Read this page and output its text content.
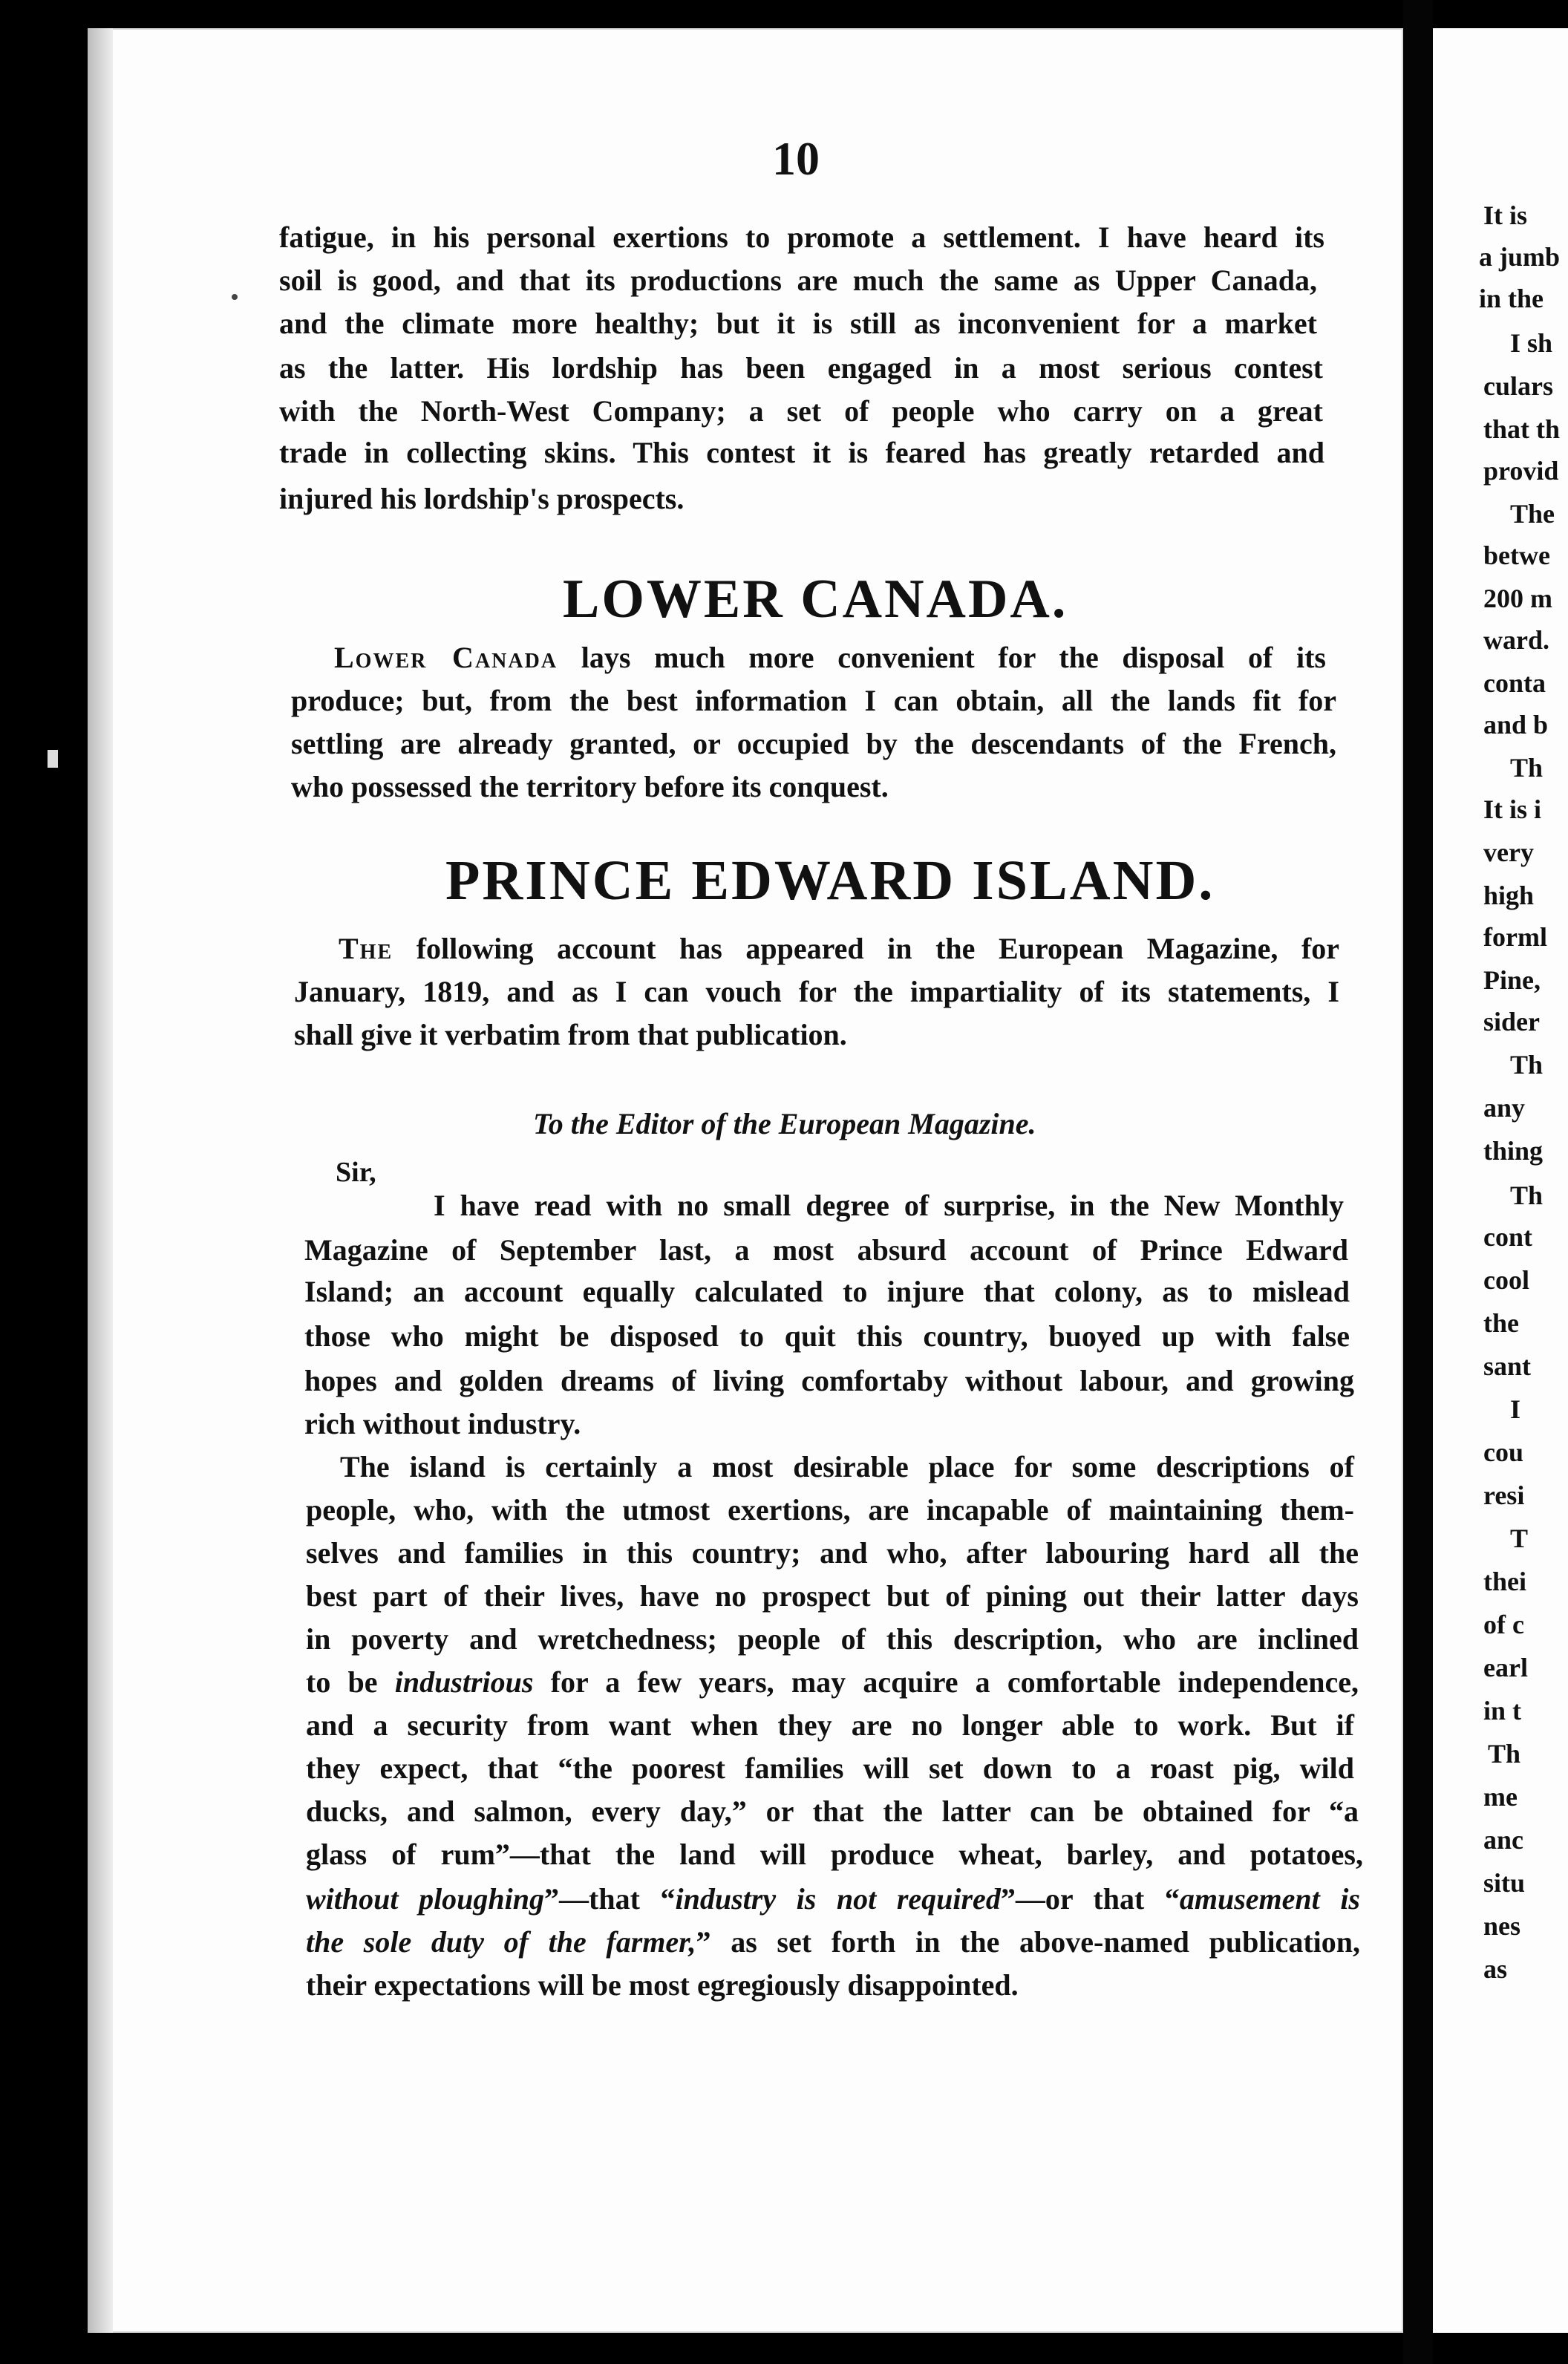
10
fatigue, in his personal exertions to promote a settlement. I have heard its
soil is good, and that its productions are much the same as Upper Canada,
and the climate more healthy; but it is still as inconvenient for a market
as the latter. His lordship has been engaged in a most serious contest
with the North-West Company; a set of people who carry on a great
trade in collecting skins. This contest it is feared has greatly retarded and
injured his lordship's prospects.
LOWER CANADA.
Lower Canada lays much more convenient for the disposal of its
produce; but, from the best information I can obtain, all the lands fit for
settling are already granted, or occupied by the descendants of the French,
who possessed the territory before its conquest.
PRINCE EDWARD ISLAND.
The following account has appeared in the European Magazine, for
January, 1819, and as I can vouch for the impartiality of its statements, I
shall give it verbatim from that publication.
To the Editor of the European Magazine.
Sir,
I have read with no small degree of surprise, in the New Monthly
Magazine of September last, a most absurd account of Prince Edward
Island; an account equally calculated to injure that colony, as to mislead
those who might be disposed to quit this country, buoyed up with false
hopes and golden dreams of living comfortaby without labour, and growing
rich without industry.
The island is certainly a most desirable place for some descriptions of
people, who, with the utmost exertions, are incapable of maintaining them-
selves and families in this country; and who, after labouring hard all the
best part of their lives, have no prospect but of pining out their latter days
in poverty and wretchedness; people of this description, who are inclined
to be industrious for a few years, may acquire a comfortable independence,
and a security from want when they are no longer able to work. But if
they expect, that “the poorest families will set down to a roast pig, wild
ducks, and salmon, every day,” or that the latter can be obtained for “a
glass of rum”—that the land will produce wheat, barley, and potatoes,
without ploughing”—that “industry is not required”—or that “amusement is
the sole duty of the farmer,” as set forth in the above-named publication,
their expectations will be most egregiously disappointed.
It is
a jumb
in the
I sh
culars
that th
provid
The
betwe
200 m
ward.
conta
and b
Th
It is i
very
high
forml
Pine,
sider
Th
any
thing
Th
cont
cool
the
sant
I
cou
resi
T
thei
of c
earl
in t
Th
me
anc
situ
nes
as
